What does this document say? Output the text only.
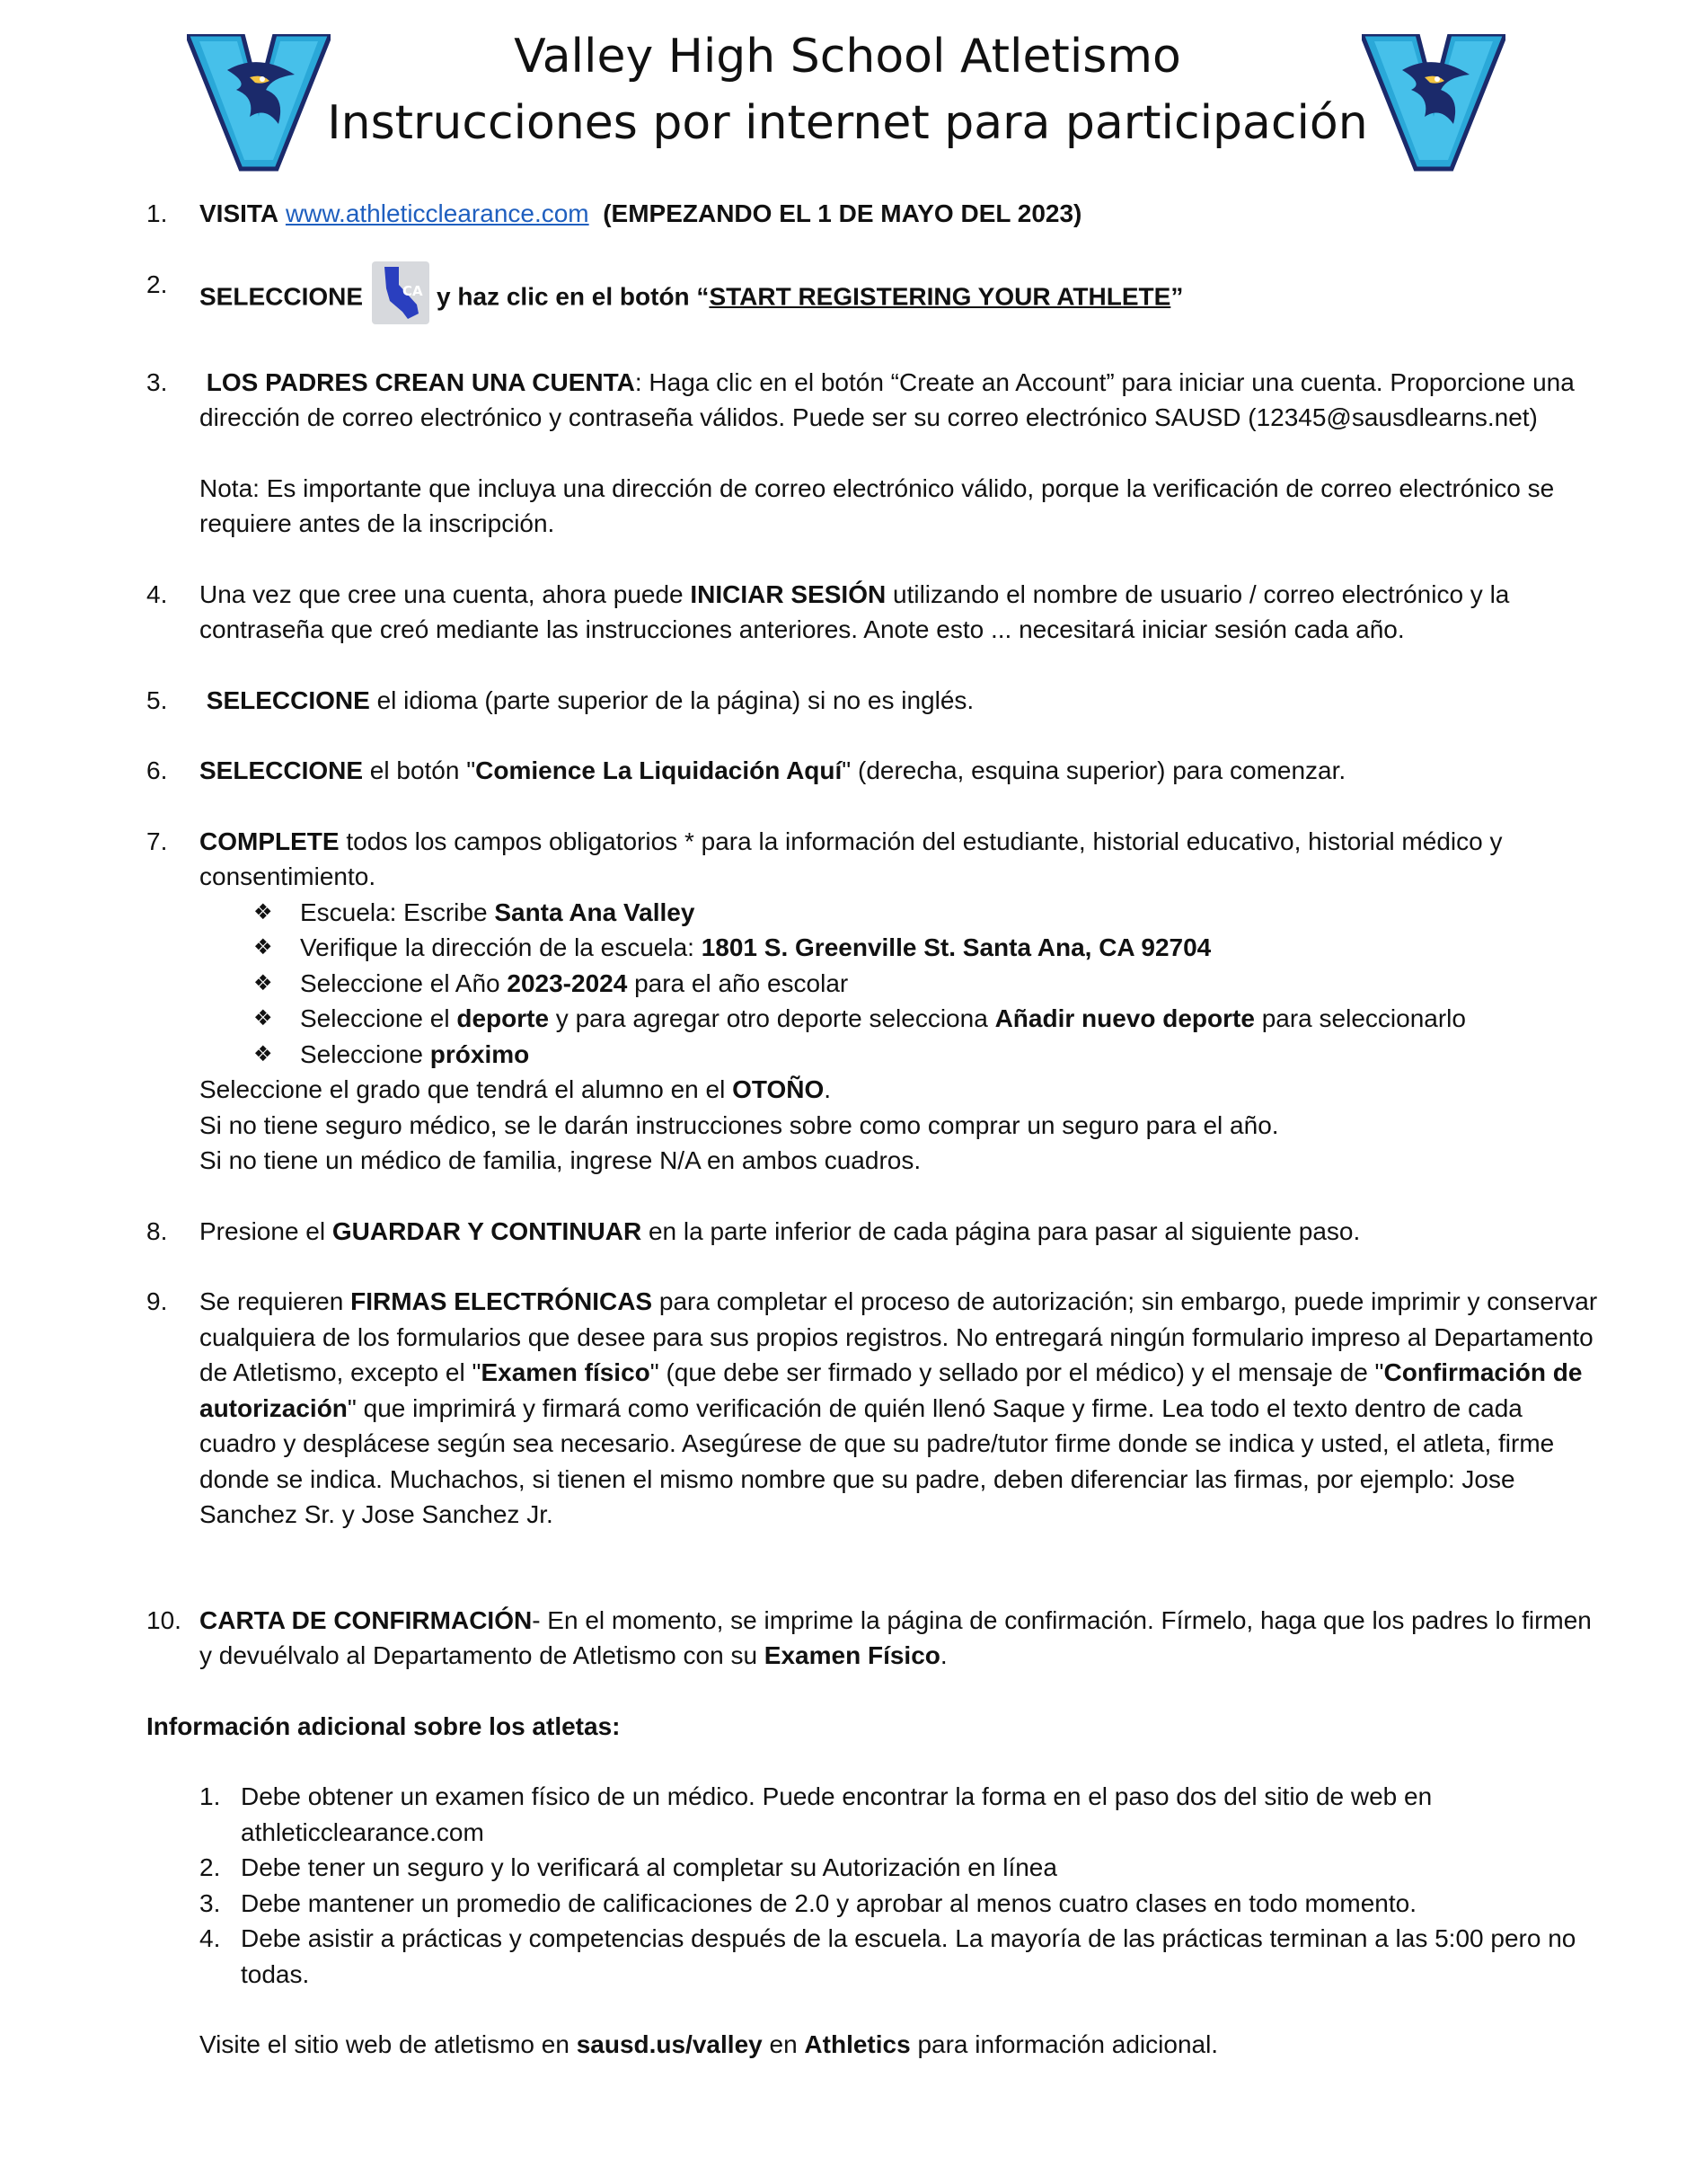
Valley High School Atletismo
Instrucciones por internet para participación
1. VISITA www.athleticclearance.com (EMPEZANDO EL 1 DE MAYO DEL 2023)
2. SELECCIONE	CA y haz clic en el botón “START REGISTERING YOUR ATHLETE”
3. LOS PADRES CREAN UNA CUENTA: Haga clic en el botón “Create an Account” para iniciar una cuenta. Proporcione una dirección de correo electrónico y contraseña válidos. Puede ser su correo electrónico SAUSD (12345@sausdlearns.net)

Nota: Es importante que incluya una dirección de correo electrónico válido, porque la verificación de correo electrónico se requiere antes de la inscripción.

4. Una vez que cree una cuenta, ahora puede INICIAR SESIÓN utilizando el nombre de usuario / correo electrónico y la contraseña que creó mediante las instrucciones anteriores. Anote esto ... necesitará iniciar sesión cada año.
5. SELECCIONE el idioma (parte superior de la página) si no es inglés.
6. SELECCIONE el botón "Comience La Liquidación Aquí" (derecha, esquina superior) para comenzar.
7. COMPLETE todos los campos obligatorios * para la información del estudiante, historial educativo, historial médico y consentimiento.

❖ Escuela: Escribe Santa Ana Valley
❖ Verifique la dirección de la escuela: 1801 S. Greenville St. Santa Ana, CA 92704
❖ Seleccione el Año 2023-2024 para el año escolar
❖ Seleccione el deporte y para agregar otro deporte selecciona Añadir nuevo deporte para seleccionarlo
❖ Seleccione próximo

Seleccione el grado que tendrá el alumno en el OTOÑO.

Si no tiene seguro médico, se le darán instrucciones sobre como comprar un seguro para el año.

Si no tiene un médico de familia, ingrese N/A en ambos cuadros.

8. Presione el GUARDAR Y CONTINUAR en la parte inferior de cada página para pasar al siguiente paso.
9. Se requieren FIRMAS ELECTRÓNICAS para completar el proceso de autorización; sin embargo, puede imprimir y conservar cualquiera de los formularios que desee para sus propios registros. No entregará ningún formulario impreso al Departamento de Atletismo, excepto el "Examen físico" (que debe ser firmado y sellado por el médico) y el mensaje de "Confirmación de autorización" que imprimirá y firmará como verificación de quién llenó Saque y firme. Lea todo el texto dentro de cada cuadro y desplácese según sea necesario. Asegúrese de que su padre/tutor firme donde se indica y usted, el atleta, firme donde se indica. Muchachos, si tienen el mismo nombre que su padre, deben diferenciar las firmas, por ejemplo: Jose Sanchez Sr. y Jose Sanchez Jr.
10. CARTA DE CONFIRMACIÓN- En el momento, se imprime la página de confirmación. Fírmelo, haga que los padres lo firmen y devuélvalo al Departamento de Atletismo con su Examen Físico.

Información adicional sobre los atletas:

1. Debe obtener un examen físico de un médico. Puede encontrar la forma en el paso dos del sitio de web en athleticclearance.com
2. Debe tener un seguro y lo verificará al completar su Autorización en línea
3. Debe mantener un promedio de calificaciones de 2.0 y aprobar al menos cuatro clases en todo momento.
4. Debe asistir a prácticas y competencias después de la escuela. La mayoría de las prácticas terminan a las 5:00 pero no todas.

Visite el sitio web de atletismo en sausd.us/valley en Athletics para información adicional.
